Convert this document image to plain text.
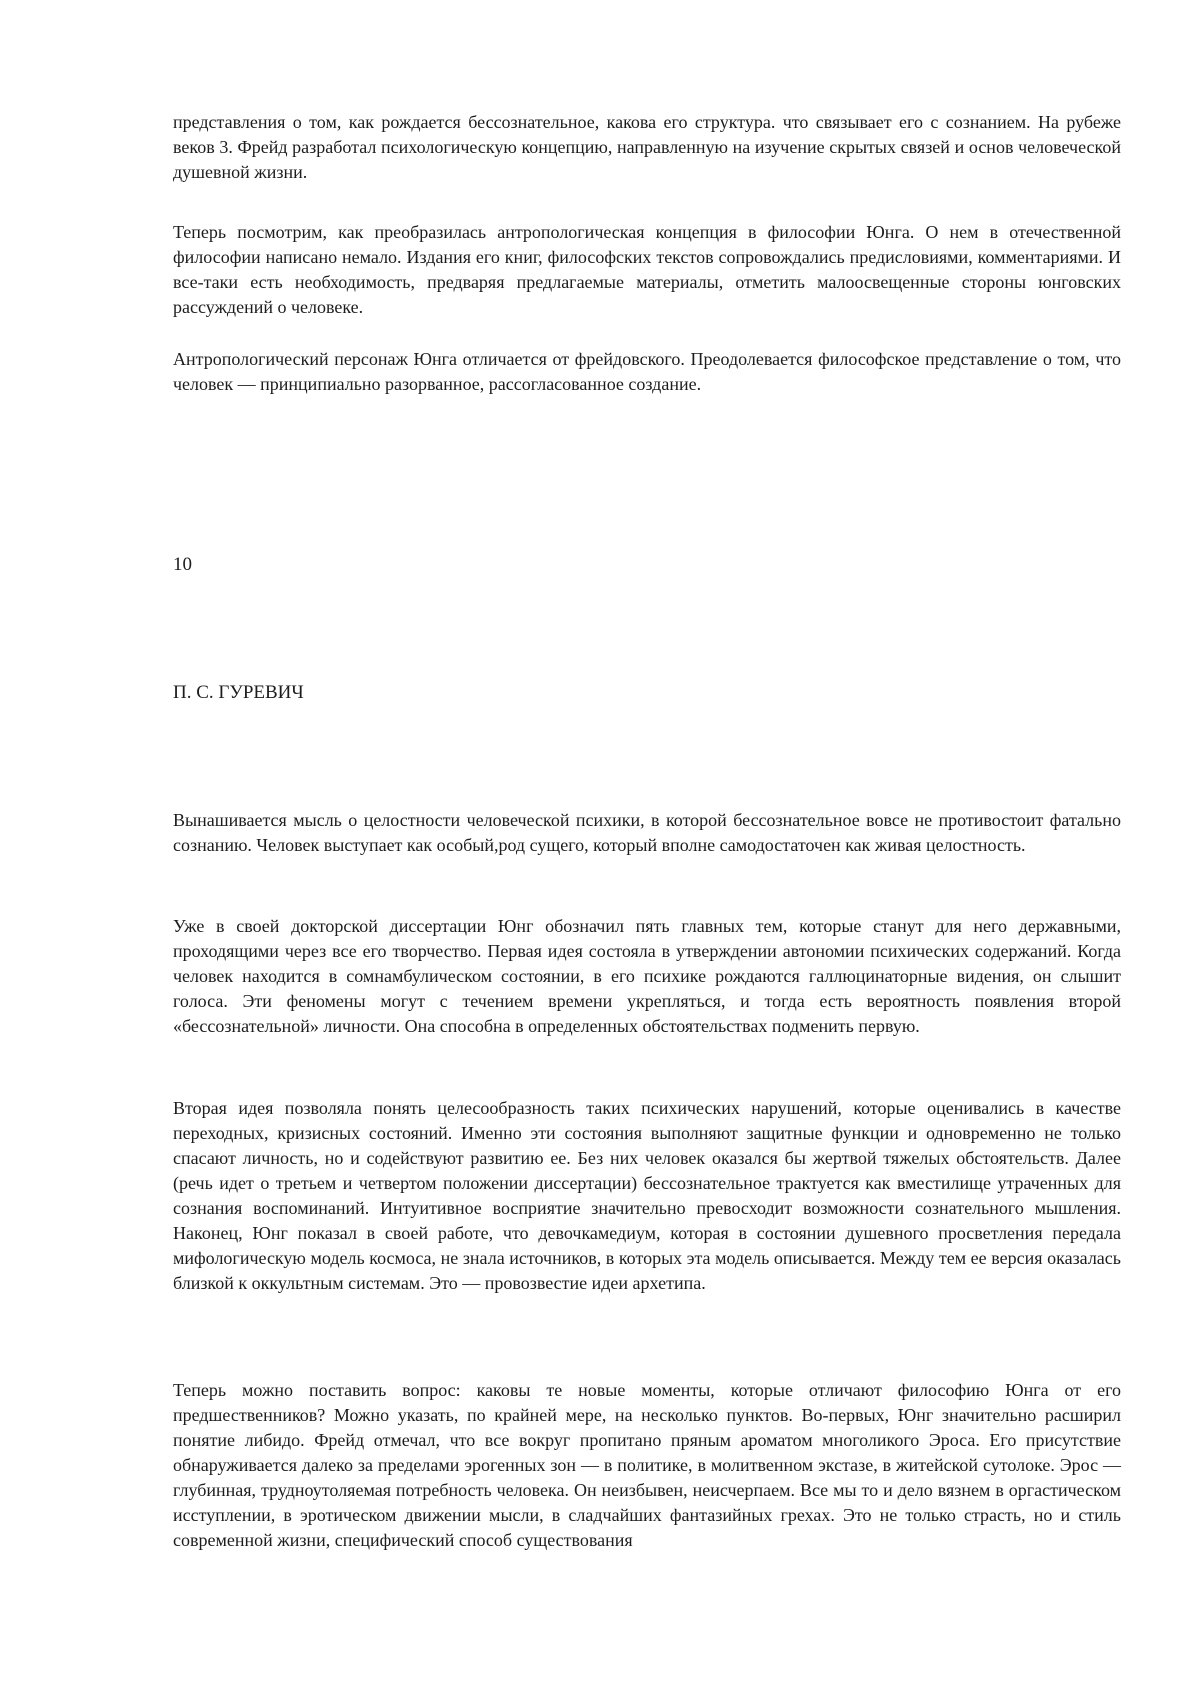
представления о том, как рождается бессознательное, какова его структура. что связывает его с сознанием. На рубеже веков 3. Фрейд разработал психологическую концепцию, направленную на изучение скрытых связей и основ человеческой душевной жизни.

Теперь посмотрим, как преобразилась антропологическая концепция в философии Юнга. О нем в отечественной философии написано немало. Издания его книг, философских текстов сопровождались предисловиями, комментариями. И все-таки есть необходимость, предваряя предлагаемые материалы, отметить малоосвещенные стороны юнговских рассуждений о человеке.

Антропологический персонаж Юнга отличается от фрейдовского. Преодолевается философское представление о том, что человек — принципиально разорванное, рассогласованное создание.

10
П. С. ГУРЕВИЧ

Вынашивается мысль о целостности человеческой психики, в которой бессознательное вовсе не противостоит фатально сознанию. Человек выступает как особый,род сущего, который вполне самодостаточен как живая целостность.

Уже в своей докторской диссертации Юнг обозначил пять главных тем, которые станут для него державными, проходящими через все его творчество. Первая идея состояла в утверждении автономии психических содержаний. Когда человек находится в сомнамбулическом состоянии, в его психике рождаются галлюцинаторные видения, он слышит голоса. Эти феномены могут с течением времени укрепляться, и тогда есть вероятность появления второй «бессознательной» личности. Она способна в определенных обстоятельствах подменить первую.

Вторая идея позволяла понять целесообразность таких психических нарушений, которые оценивались в качестве переходных, кризисных состояний. Именно эти состояния выполняют защитные функции и одновременно не только спасают личность, но и содействуют развитию ее. Без них человек оказался бы жертвой тяжелых обстоятельств. Далее (речь идет о третьем и четвертом положении диссертации) бессознательное трактуется как вместилище утраченных для сознания воспоминаний. Интуитивное восприятие значительно превосходит возможности сознательного мышления. Наконец, Юнг показал в своей работе, что девочкамедиум, которая в состоянии душевного просветления передала мифологическую модель космоса, не знала источников, в которых эта модель описывается. Между тем ее версия оказалась близкой к оккультным системам. Это — провозвестие идеи архетипа.

Теперь можно поставить вопрос: каковы те новые моменты, которые отличают философию Юнга от его предшественников? Можно указать, по крайней мере, на несколько пунктов. Во-первых, Юнг значительно расширил понятие либидо. Фрейд отмечал, что все вокруг пропитано пряным ароматом многоликого Эроса. Его присутствие обнаруживается далеко за пределами эрогенных зон — в политике, в молитвенном экстазе, в житейской сутолоке. Эрос — глубинная, трудноутоляемая потребность человека. Он неизбывен, неисчерпаем. Все мы то и дело вязнем в оргастическом исступлении, в эротическом движении мысли, в сладчайших фантазийных грехах. Это не только страсть, но и стиль современной жизни, специфический способ существования
